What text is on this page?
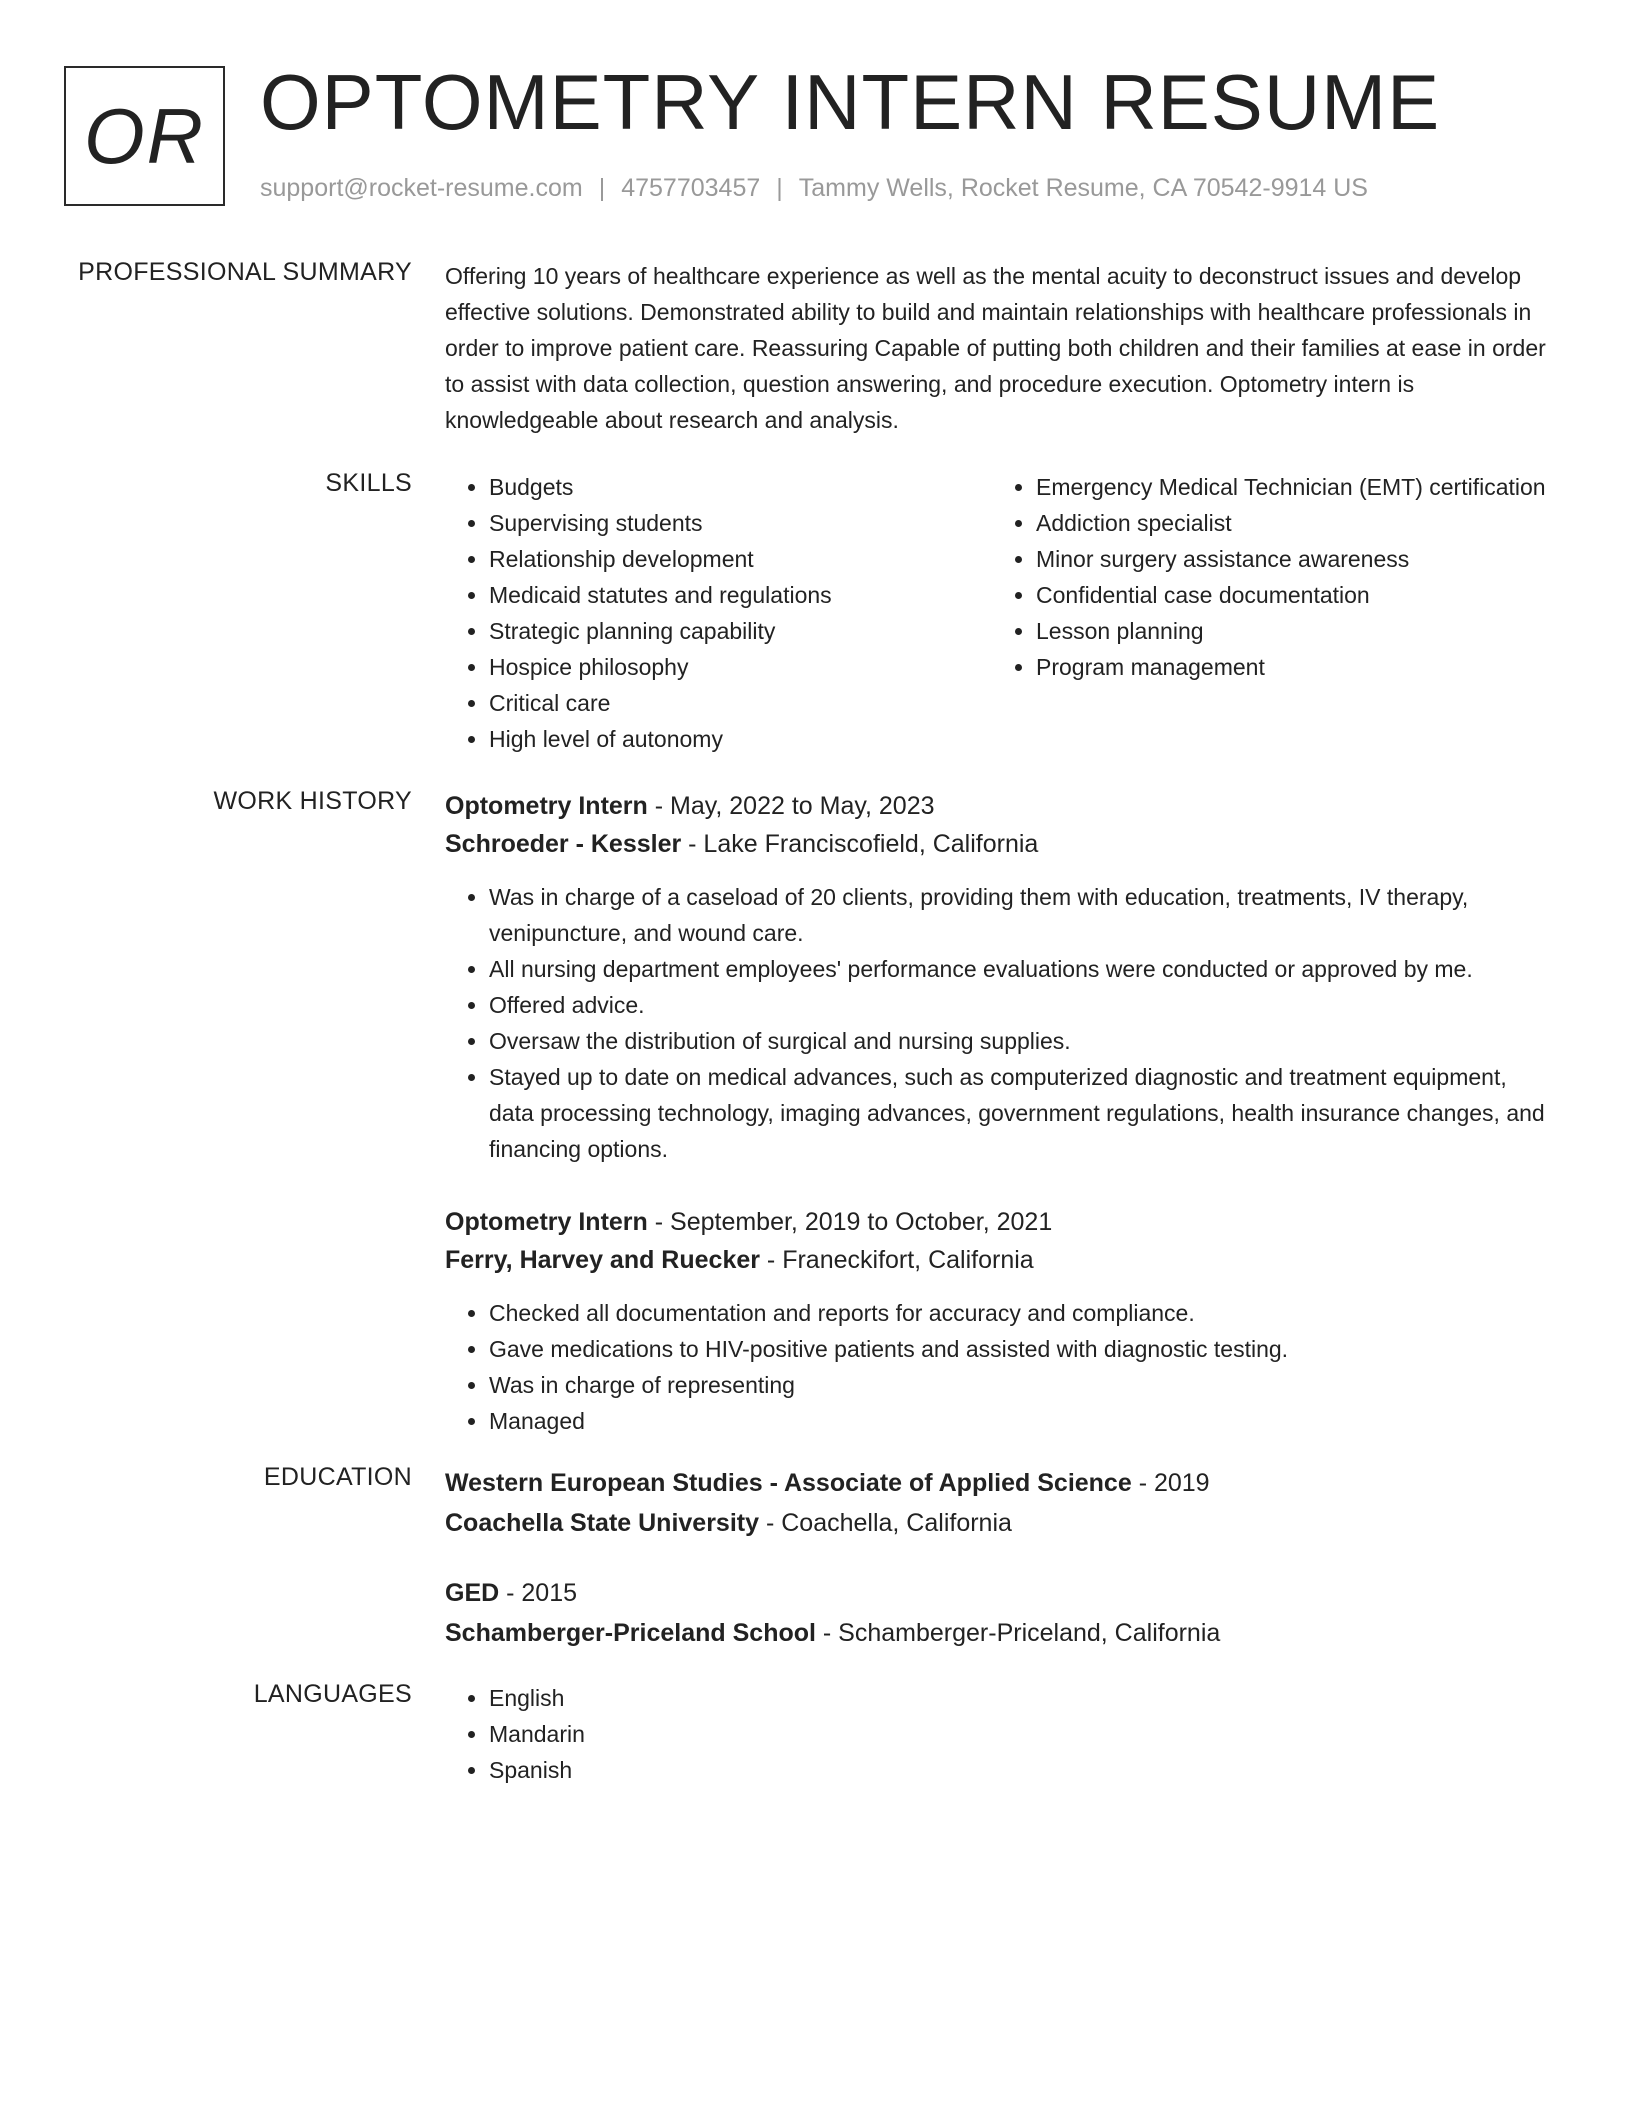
OR OPTOMETRY INTERN RESUME
support@rocket-resume.com | 4757703457 | Tammy Wells, Rocket Resume, CA 70542-9914 US
PROFESSIONAL SUMMARY Offering 10 years of healthcare experience as well as the mental acuity to deconstruct issues and develop effective solutions. Demonstrated ability to build and maintain relationships with healthcare professionals in order to improve patient care. Reassuring Capable of putting both children and their families at ease in order to assist with data collection, question answering, and procedure execution. Optometry intern is knowledgeable about research and analysis.

SKILLS	• Budgets
• Supervising students
• Relationship development
• Medicaid statutes and regulations
• Strategic planning capability
• Hospice philosophy
• Critical care
• High level of autonomy
• Emergency Medical Technician (EMT) certification
• Addiction specialist
• Minor surgery assistance awareness
• Confidential case documentation
• Lesson planning
• Program management
WORK HISTORY Optometry Intern - May, 2022 to May, 2023
Schroeder - Kessler - Lake Franciscofield, California
• Was in charge of a caseload of 20 clients, providing them with education, treatments, IV therapy, venipuncture, and wound care.
• All nursing department employees' performance evaluations were conducted or approved by me.
• Offered advice.
• Oversaw the distribution of surgical and nursing supplies.
• Stayed up to date on medical advances, such as computerized diagnostic and treatment equipment, data processing technology, imaging advances, government regulations, health insurance changes, and financing options.
Optometry Intern - September, 2019 to October, 2021
Ferry, Harvey and Ruecker - Franeckifort, California
• Checked all documentation and reports for accuracy and compliance.
• Gave medications to HIV-positive patients and assisted with diagnostic testing.
• Was in charge of representing
• Managed
EDUCATION Western European Studies - Associate of Applied Science - 2019
Coachella State University - Coachella, California
GED - 2015
Schamberger-Priceland School - Schamberger-Priceland, California
LANGUAGES	• English
• Mandarin
• Spanish
